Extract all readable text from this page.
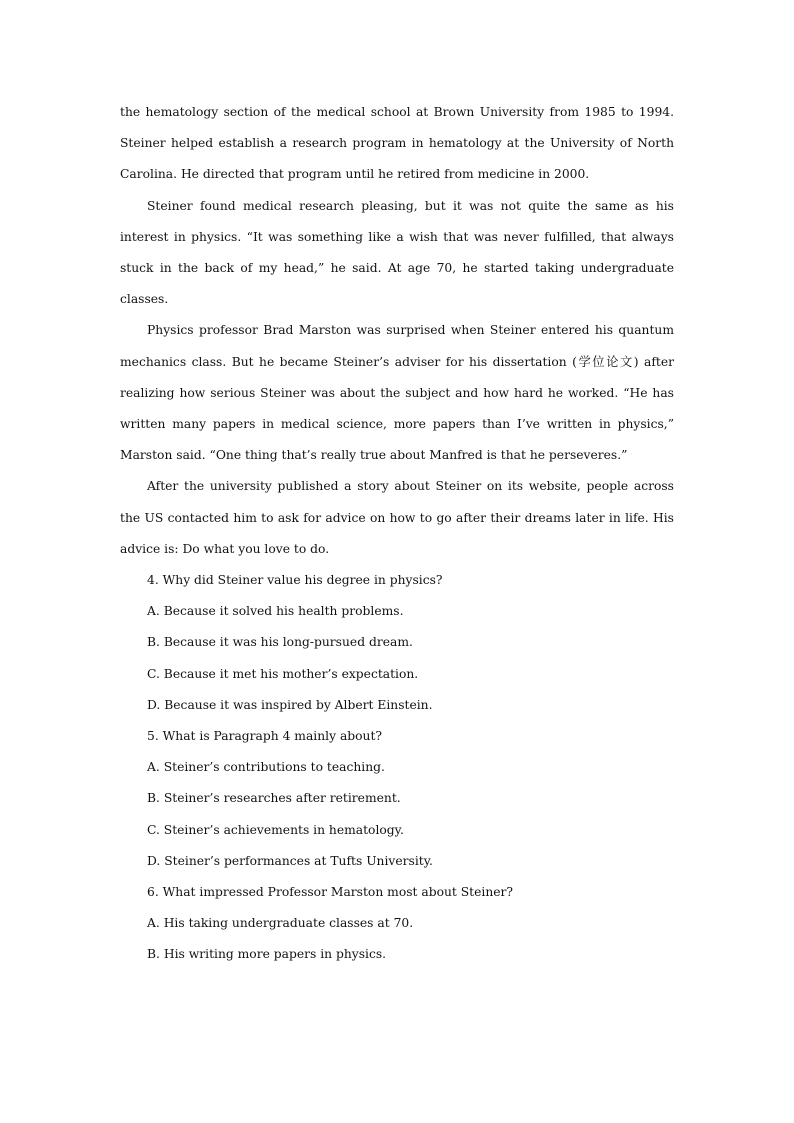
the hematology section of the medical school at Brown University from 1985 to 1994. Steiner helped establish a research program in hematology at the University of North Carolina. He directed that program until he retired from medicine in 2000.

Steiner found medical research pleasing, but it was not quite the same as his interest in physics. “It was something like a wish that was never fulfilled, that always stuck in the back of my head,” he said. At age 70, he started taking undergraduate classes.

Physics professor Brad Marston was surprised when Steiner entered his quantum mechanics class. But he became Steiner’s adviser for his dissertation (学位论文) after realizing how serious Steiner was about the subject and how hard he worked. “He has written many papers in medical science, more papers than I’ve written in physics,” Marston said. “One thing that’s really true about Manfred is that he perseveres.”

After the university published a story about Steiner on its website, people across the US contacted him to ask for advice on how to go after their dreams later in life. His advice is: Do what you love to do.

4. Why did Steiner value his degree in physics?

A. Because it solved his health problems.

B. Because it was his long-pursued dream.

C. Because it met his mother’s expectation.

D. Because it was inspired by Albert Einstein.

5. What is Paragraph 4 mainly about?

A. Steiner’s contributions to teaching.

B. Steiner’s researches after retirement.

C. Steiner’s achievements in hematology.

D. Steiner’s performances at Tufts University.

6. What impressed Professor Marston most about Steiner?

A. His taking undergraduate classes at 70.

B. His writing more papers in physics.
